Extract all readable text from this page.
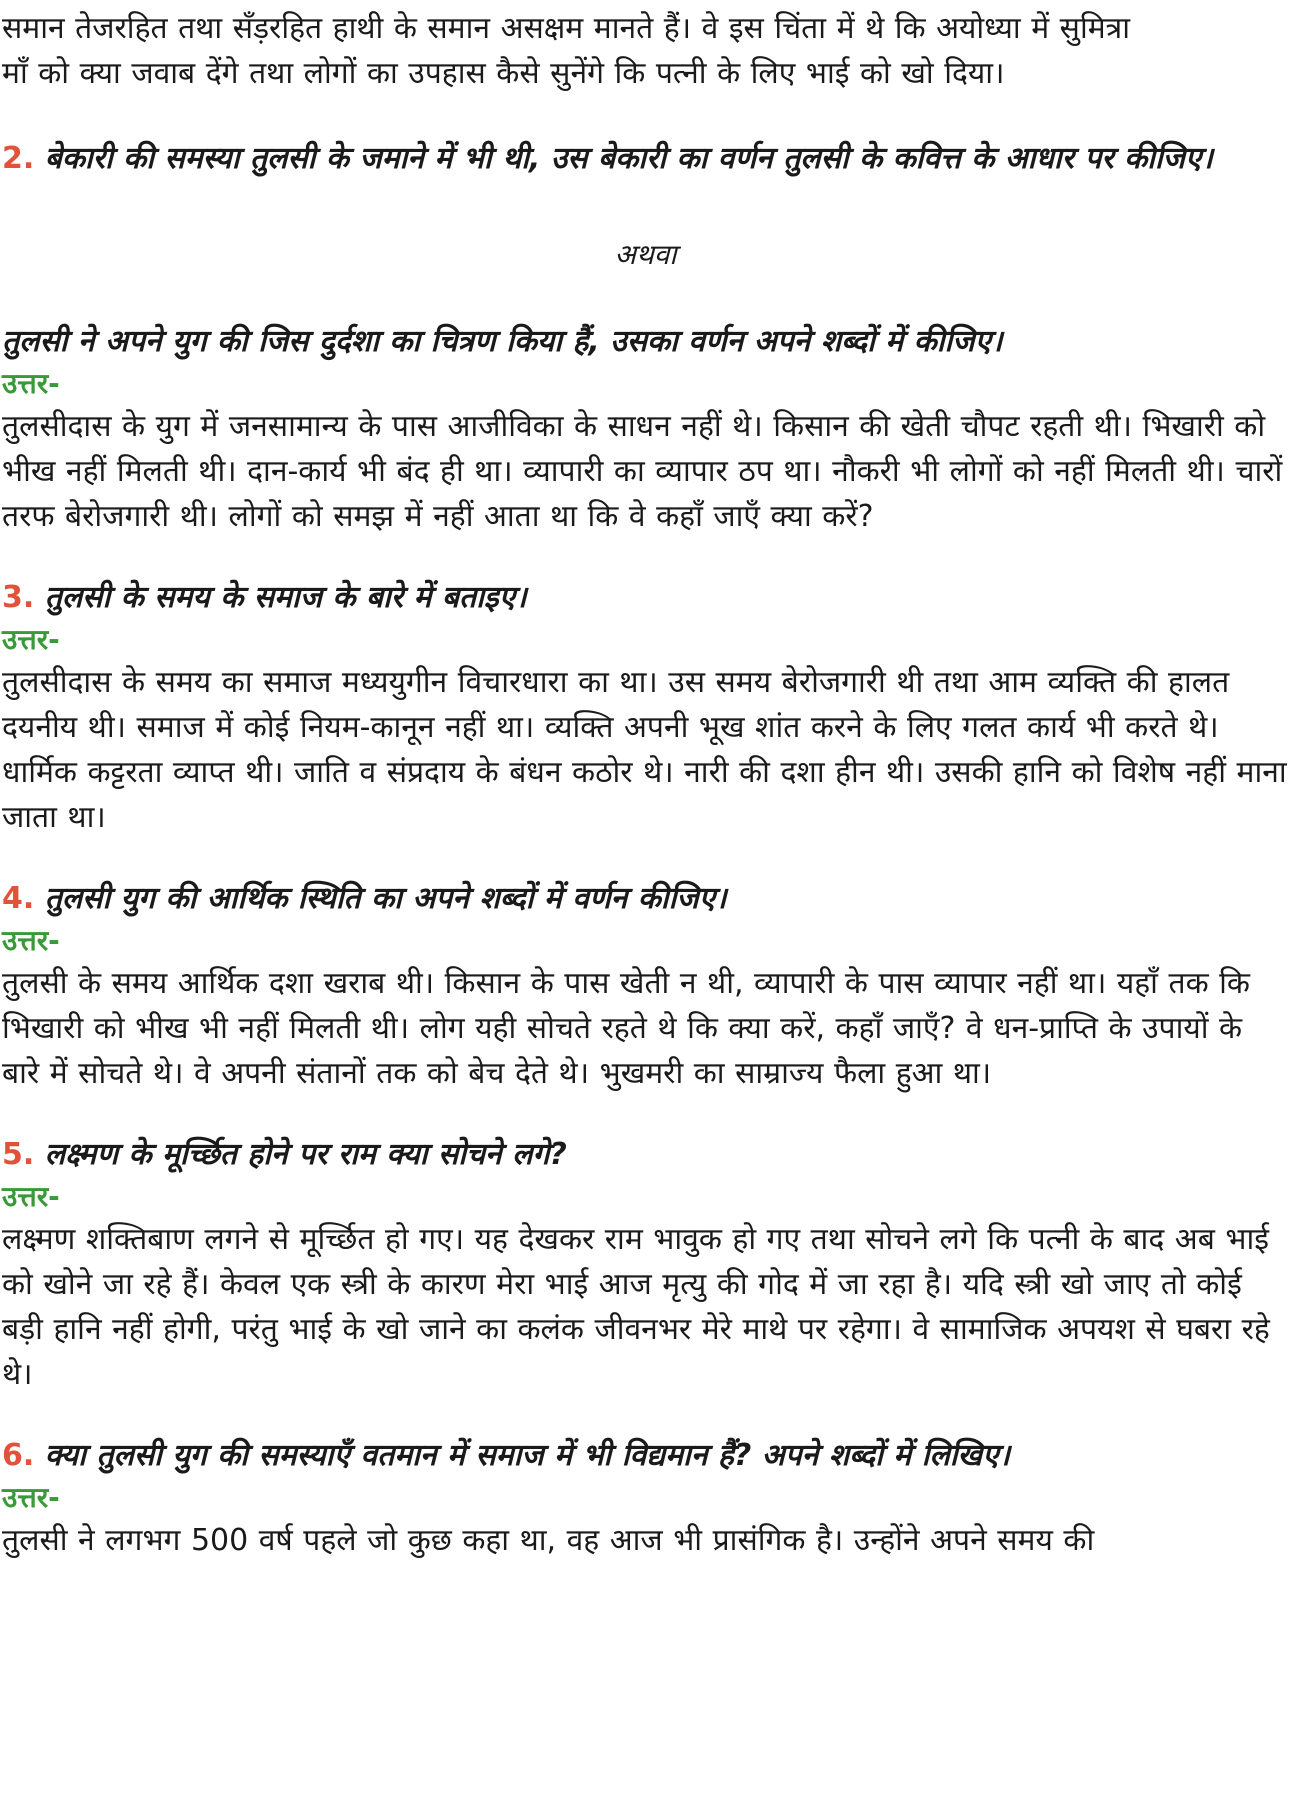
समान तेजरहित तथा सँड़रहित हाथी के समान असक्षम मानते हैं। वे इस चिंता में थे कि अयोध्या में सुमित्रा

माँ को क्या जवाब देंगे तथा लोगों का उपहास कैसे सुनेंगे कि पत्नी के लिए भाई को खो दिया।

2. बेकारी की समस्या तुलसी के जमाने में भी थी, उस बेकारी का वर्णन तुलसी के कवित्त के आधार पर कीजिए।

अथवा

तुलसी ने अपने युग की जिस दुर्दशा का चित्रण किया हैं, उसका वर्णन अपने शब्दों में कीजिए।

उत्तर-

तुलसीदास के युग में जनसामान्य के पास आजीविका के साधन नहीं थे। किसान की खेती चौपट रहती थी। भिखारी को भीख नहीं मिलती थी। दान-कार्य भी बंद ही था। व्यापारी का व्यापार ठप था। नौकरी भी लोगों को नहीं मिलती थी। चारों तरफ बेरोजगारी थी। लोगों को समझ में नहीं आता था कि वे कहाँ जाएँ क्या करें?

3. तुलसी के समय के समाज के बारे में बताइए।

उत्तर-

तुलसीदास के समय का समाज मध्ययुगीन विचारधारा का था। उस समय बेरोजगारी थी तथा आम व्यक्ति की हालत दयनीय थी। समाज में कोई नियम-कानून नहीं था। व्यक्ति अपनी भूख शांत करने के लिए गलत कार्य भी करते थे। धार्मिक कट्टरता व्याप्त थी। जाति व संप्रदाय के बंधन कठोर थे। नारी की दशा हीन थी। उसकी हानि को विशेष नहीं माना जाता था।

4. तुलसी युग की आर्थिक स्थिति का अपने शब्दों में वर्णन कीजिए।

उत्तर-

तुलसी के समय आर्थिक दशा खराब थी। किसान के पास खेती न थी, व्यापारी के पास व्यापार नहीं था। यहाँ तक कि भिखारी को भीख भी नहीं मिलती थी। लोग यही सोचते रहते थे कि क्या करें, कहाँ जाएँ? वे धन-प्राप्ति के उपायों के बारे में सोचते थे। वे अपनी संतानों तक को बेच देते थे। भुखमरी का साम्राज्य फैला हुआ था।

5. लक्ष्मण के मूर्च्छित होने पर राम क्या सोचने लगे?

उत्तर-

लक्ष्मण शक्तिबाण लगने से मूर्च्छित हो गए। यह देखकर राम भावुक हो गए तथा सोचने लगे कि पत्नी के बाद अब भाई को खोने जा रहे हैं। केवल एक स्त्री के कारण मेरा भाई आज मृत्यु की गोद में जा रहा है। यदि स्त्री खो जाए तो कोई बड़ी हानि नहीं होगी, परंतु भाई के खो जाने का कलंक जीवनभर मेरे माथे पर रहेगा। वे सामाजिक अपयश से घबरा रहे थे।

6. क्या तुलसी युग की समस्याएँ वतमान में समाज में भी विद्यमान हैं? अपने शब्दों में लिखिए।

उत्तर-

तुलसी ने लगभग 500 वर्ष पहले जो कुछ कहा था, वह आज भी प्रासंगिक है। उन्होंने अपने समय की
